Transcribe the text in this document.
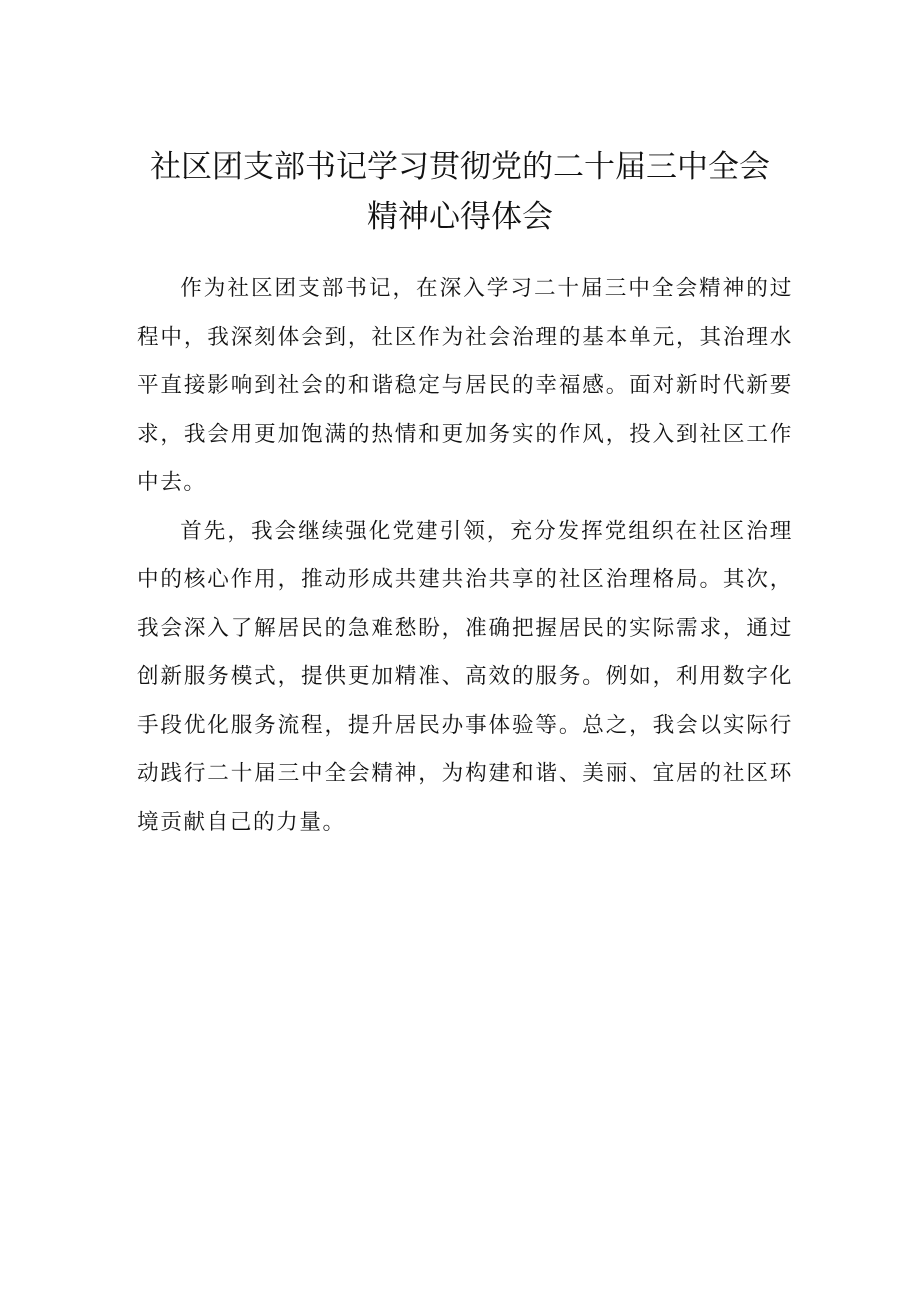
社区团支部书记学习贯彻党的二十届三中全会
精神心得体会

作为社区团支部书记，在深入学习二十届三中全会精神的过程中，我深刻体会到，社区作为社会治理的基本单元，其治理水平直接影响到社会的和谐稳定与居民的幸福感。面对新时代新要求，我会用更加饱满的热情和更加务实的作风，投入到社区工作中去。

首先，我会继续强化党建引领，充分发挥党组织在社区治理中的核心作用，推动形成共建共治共享的社区治理格局。其次，我会深入了解居民的急难愁盼，准确把握居民的实际需求，通过创新服务模式，提供更加精准、高效的服务。例如，利用数字化手段优化服务流程，提升居民办事体验等。总之，我会以实际行动践行二十届三中全会精神，为构建和谐、美丽、宜居的社区环境贡献自己的力量。
